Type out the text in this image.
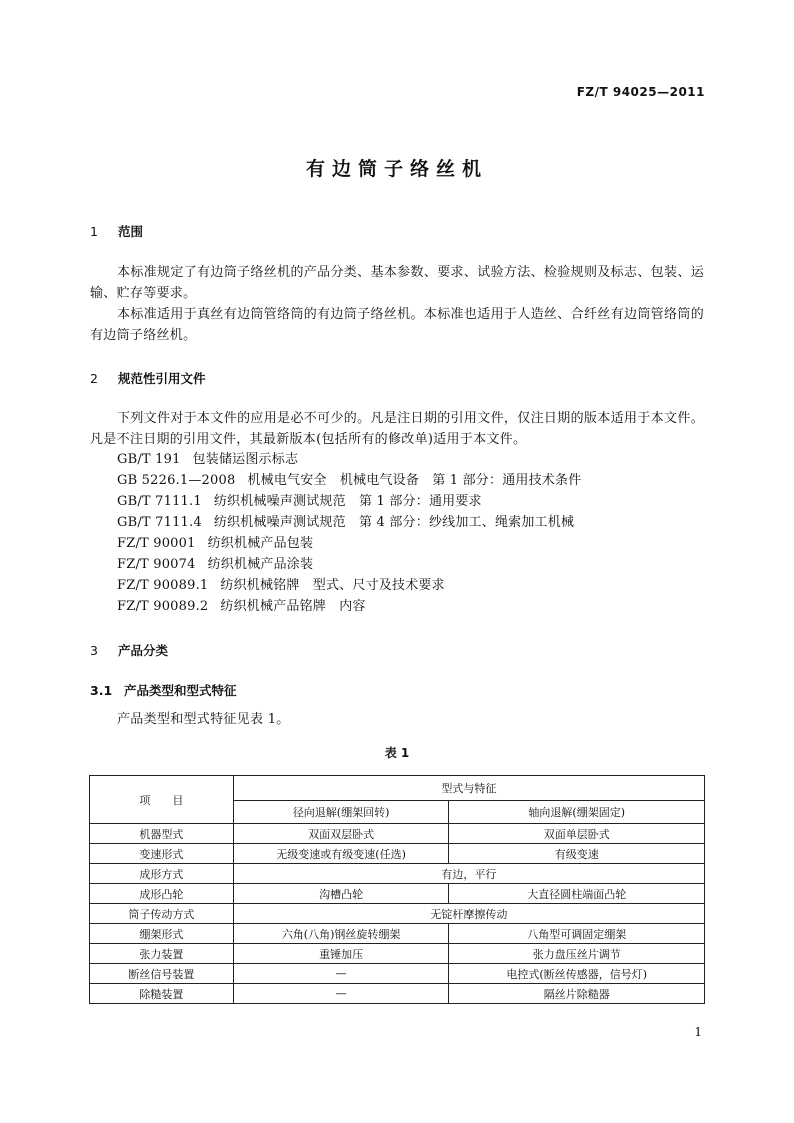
FZ/T 94025—2011
有边筒子络丝机
1 范围

本标准规定了有边筒子络丝机的产品分类、基本参数、要求、试验方法、检验规则及标志、包装、运输、贮存等要求。

本标准适用于真丝有边筒管络筒的有边筒子络丝机。本标准也适用于人造丝、合纤丝有边筒管络筒的有边筒子络丝机。

2 规范性引用文件

下列文件对于本文件的应用是必不可少的。凡是注日期的引用文件，仅注日期的版本适用于本文件。凡是不注日期的引用文件，其最新版本(包括所有的修改单)适用于本文件。

GB/T 191 包装储运图示标志
GB 5226.1—2008 机械电气安全　机械电气设备　第 1 部分：通用技术条件
GB/T 7111.1 纺织机械噪声测试规范　第 1 部分：通用要求
GB/T 7111.4 纺织机械噪声测试规范　第 4 部分：纱线加工、绳索加工机械
FZ/T 90001 纺织机械产品包装
FZ/T 90074 纺织机械产品涂装
FZ/T 90089.1 纺织机械铭牌　型式、尺寸及技术要求
FZ/T 90089.2 纺织机械产品铭牌　内容
3 产品分类
3.1 产品类型和型式特征

产品类型和型式特征见表 1。

表 1
项　　目	型式与特征	
	径向退解(绷架回转)	轴向退解(绷架固定)
机器型式	双面双层卧式	双面单层卧式
变速形式	无级变速或有级变速(任选)	有级变速
成形方式	有边，平行	
成形凸轮	沟槽凸轮	大直径圆柱端面凸轮
筒子传动方式	无锭杆摩擦传动	
绷架形式	六角(八角)钢丝旋转绷架	八角型可调固定绷架
张力装置	重锤加压	张力盘压丝片调节
断丝信号装置	—	电控式(断丝传感器，信号灯)
除糙装置	—	隔丝片除糙器
1
